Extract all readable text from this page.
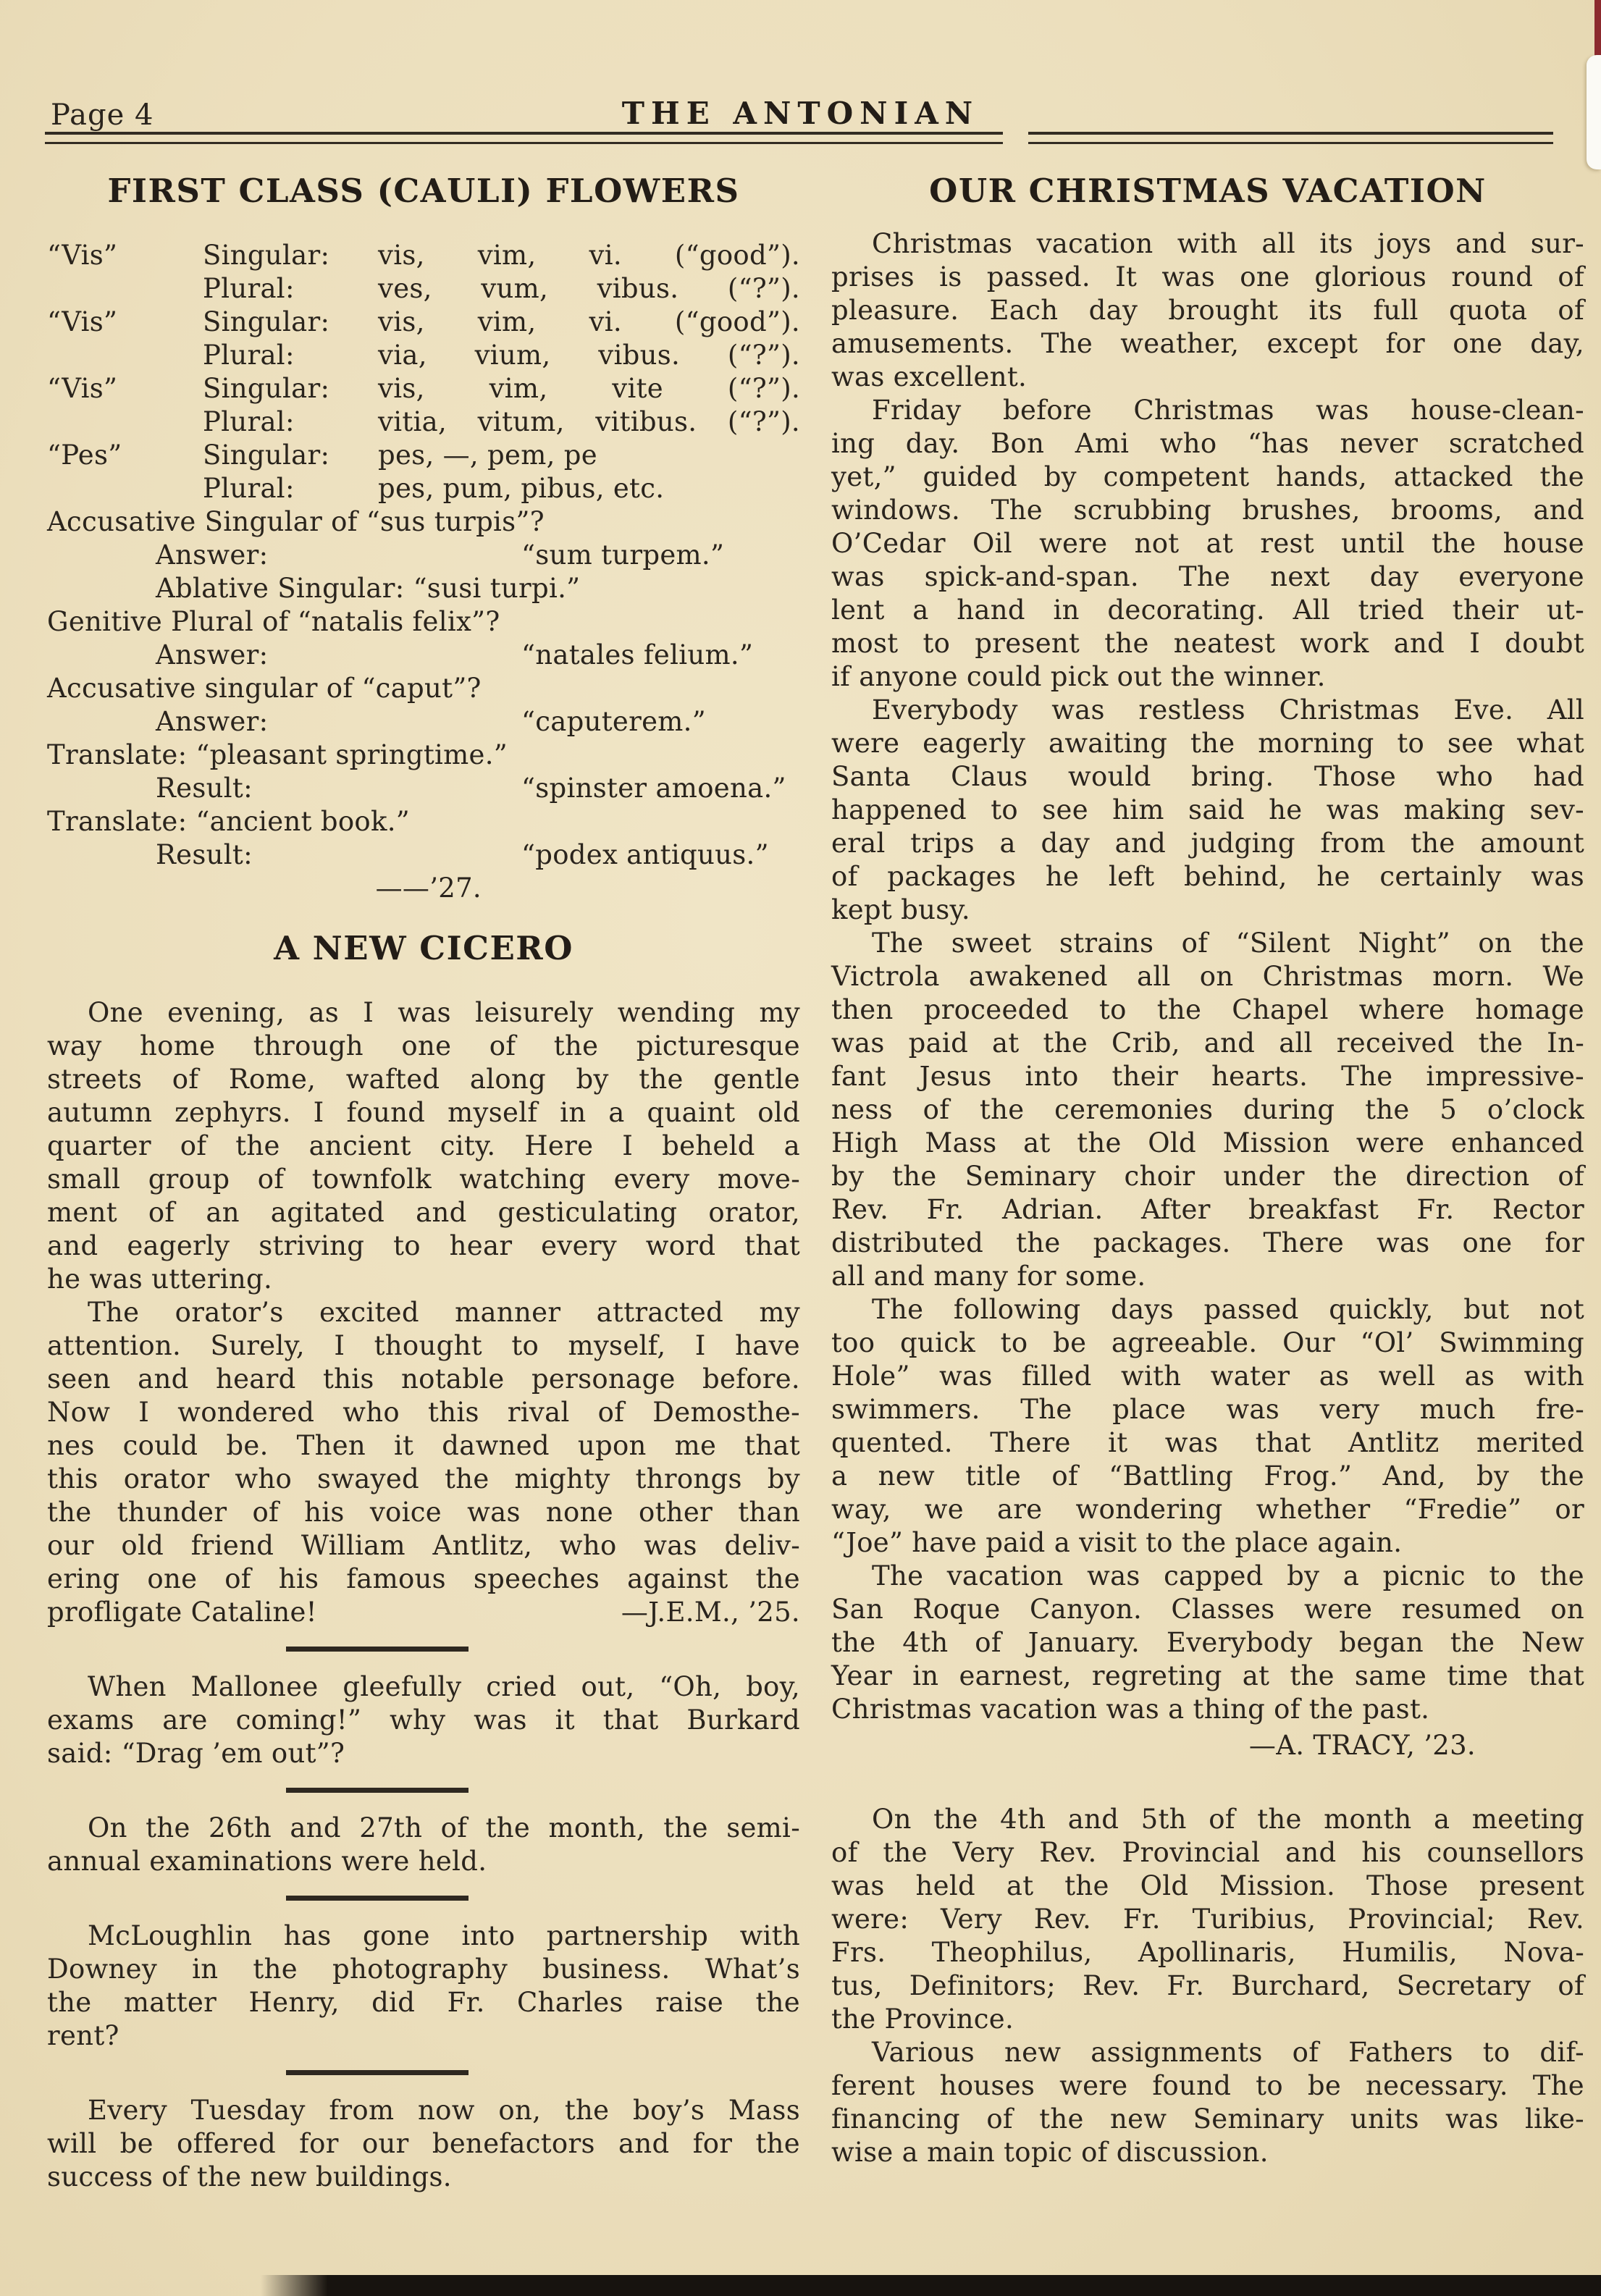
Page 4	THE ANTONIAN
FIRST CLASS (CAULI) FLOWERS
“Vis”	Singular:	vis, vim, vi. (“good”).
Plural:	ves, vum, vibus. (“?”).
“Vis”	Singular:	vis, vim, vi. (“good”).
Plural:	via, vium, vibus. (“?”).
“Vis”	Singular:	vis, vim, vite (“?”).
Plural:	vitia, vitum, vitibus. (“?”).
“Pes”	Singular:	pes, —, pem, pe
Plural:	pes, pum, pibus, etc.
Accusative Singular of “sus turpis”?
Answer:	“sum turpem.”
Ablative Singular: “susi turpi.”
Genitive Plural of “natalis felix”?
Answer:	“natales felium.”
Accusative singular of “caput”?
Answer:	“caputerem.”
Translate: “pleasant springtime.”
Result:	“spinster amoena.”
Translate: “ancient book.”
Result:	“podex antiquus.”
——’27.
A NEW CICERO
One evening, as I was leisurely wending my
way home through one of the picturesque
streets of Rome, wafted along by the gentle
autumn zephyrs. I found myself in a quaint old
quarter of the ancient city. Here I beheld a
small group of townfolk watching every move-
ment of an agitated and gesticulating orator,
and eagerly striving to hear every word that
he was uttering.
The orator’s excited manner attracted my
attention. Surely, I thought to myself, I have
seen and heard this notable personage before.
Now I wondered who this rival of Demosthe-
nes could be. Then it dawned upon me that
this orator who swayed the mighty throngs by
the thunder of his voice was none other than
our old friend William Antlitz, who was deliv-
ering one of his famous speeches against the
profligate Cataline!	—J.E.M., ’25.
When Mallonee gleefully cried out, “Oh, boy,
exams are coming!” why was it that Burkard
said: “Drag ’em out”?
On the 26th and 27th of the month, the semi-
annual examinations were held.
McLoughlin has gone into partnership with
Downey in the photography business. What’s
the matter Henry, did Fr. Charles raise the
rent?
Every Tuesday from now on, the boy’s Mass
will be offered for our benefactors and for the
success of the new buildings.
OUR CHRISTMAS VACATION
Christmas vacation with all its joys and sur-
prises is passed. It was one glorious round of
pleasure. Each day brought its full quota of
amusements. The weather, except for one day,
was excellent.
Friday before Christmas was house-clean-
ing day. Bon Ami who “has never scratched
yet,” guided by competent hands, attacked the
windows. The scrubbing brushes, brooms, and
O’Cedar Oil were not at rest until the house
was spick-and-span. The next day everyone
lent a hand in decorating. All tried their ut-
most to present the neatest work and I doubt
if anyone could pick out the winner.
Everybody was restless Christmas Eve. All
were eagerly awaiting the morning to see what
Santa Claus would bring. Those who had
happened to see him said he was making sev-
eral trips a day and judging from the amount
of packages he left behind, he certainly was
kept busy.
The sweet strains of “Silent Night” on the
Victrola awakened all on Christmas morn. We
then proceeded to the Chapel where homage
was paid at the Crib, and all received the In-
fant Jesus into their hearts. The impressive-
ness of the ceremonies during the 5 o’clock
High Mass at the Old Mission were enhanced
by the Seminary choir under the direction of
Rev. Fr. Adrian. After breakfast Fr. Rector
distributed the packages. There was one for
all and many for some.
The following days passed quickly, but not
too quick to be agreeable. Our “Ol’ Swimming
Hole” was filled with water as well as with
swimmers. The place was very much fre-
quented. There it was that Antlitz merited
a new title of “Battling Frog.” And, by the
way, we are wondering whether “Fredie” or
“Joe” have paid a visit to the place again.
The vacation was capped by a picnic to the
San Roque Canyon. Classes were resumed on
the 4th of January. Everybody began the New
Year in earnest, regreting at the same time that
Christmas vacation was a thing of the past.
—A. TRACY, ’23.
On the 4th and 5th of the month a meeting
of the Very Rev. Provincial and his counsellors
was held at the Old Mission. Those present
were: Very Rev. Fr. Turibius, Provincial; Rev.
Frs. Theophilus, Apollinaris, Humilis, Nova-
tus, Definitors; Rev. Fr. Burchard, Secretary of
the Province.
Various new assignments of Fathers to dif-
ferent houses were found to be necessary. The
financing of the new Seminary units was like-
wise a main topic of discussion.
